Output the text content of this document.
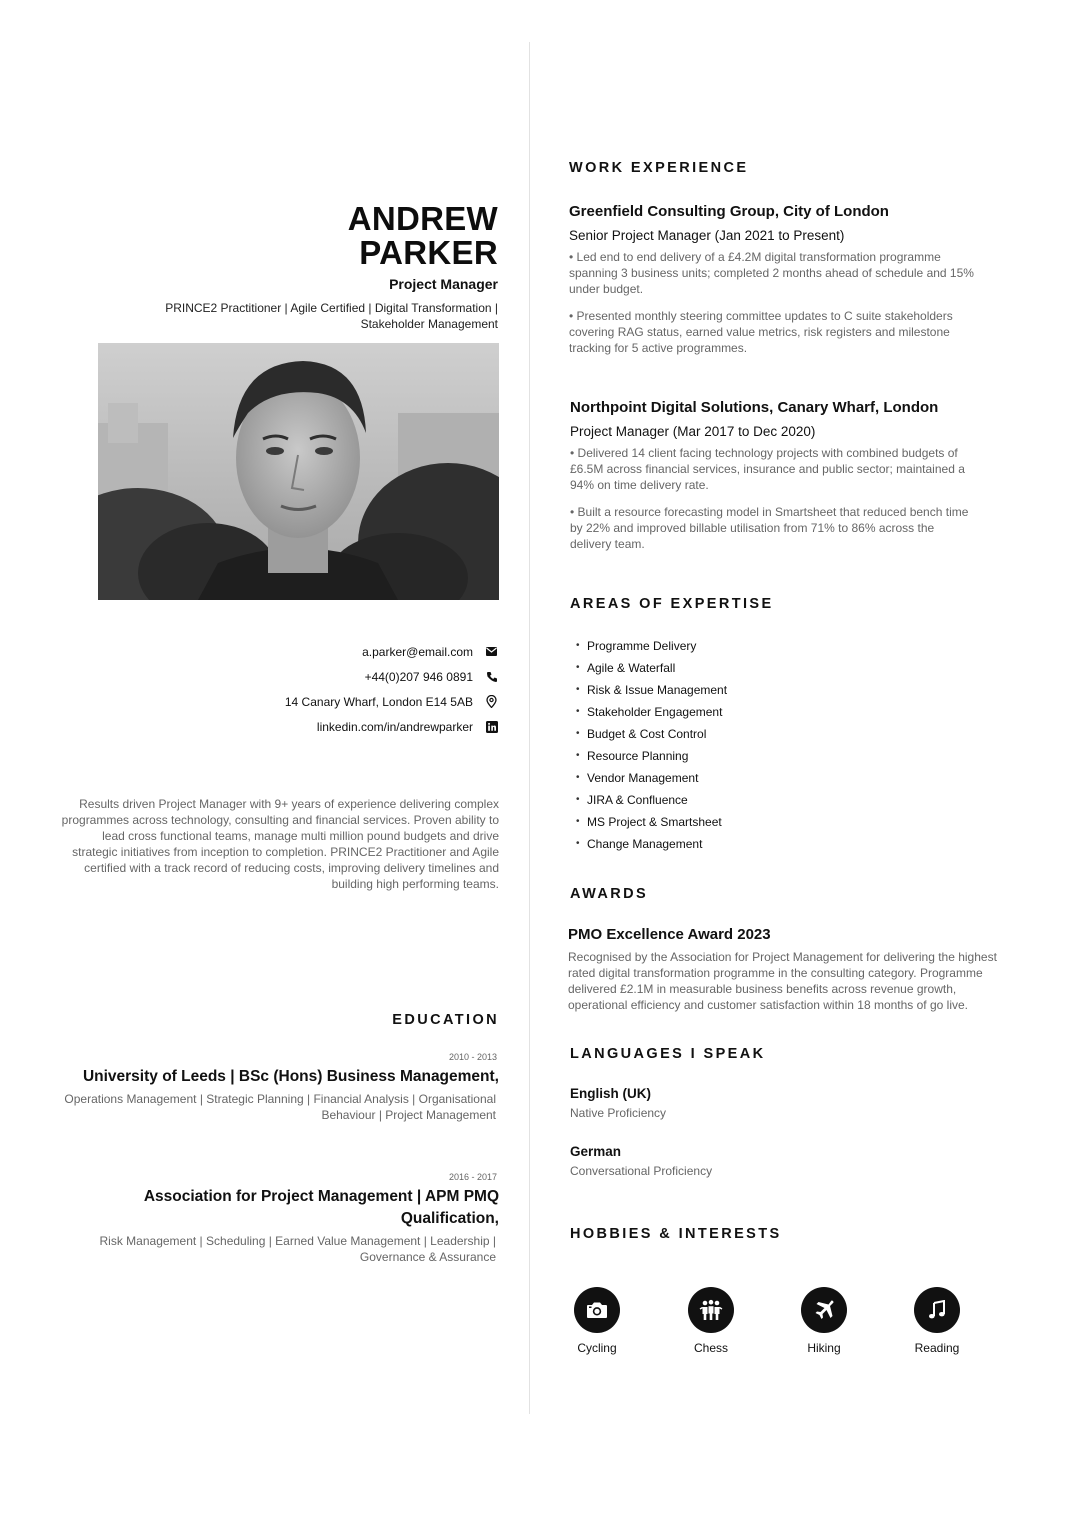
ANDREW
PARKER
Project Manager
PRINCE2 Practitioner | Agile Certified | Digital Transformation | Stakeholder Management
a.parker@email.com
+44(0)207 946 0891
14 Canary Wharf, London E14 5AB
linkedin.com/in/andrewparker
Results driven Project Manager with 9+ years of experience delivering complex programmes across technology, consulting and financial services. Proven ability to lead cross functional teams, manage multi million pound budgets and drive strategic initiatives from inception to completion. PRINCE2 Practitioner and Agile certified with a track record of reducing costs, improving delivery timelines and building high performing teams.
EDUCATION
2010 - 2013
University of Leeds | BSc (Hons) Business Management,
Operations Management | Strategic Planning | Financial Analysis | Organisational Behaviour | Project Management
2016 - 2017
Association for Project Management | APM PMQ Qualification,
Risk Management | Scheduling | Earned Value Management | Leadership | Governance & Assurance
WORK EXPERIENCE
Greenfield Consulting Group, City of London
Senior Project Manager (Jan 2021 to Present)
• Led end to end delivery of a £4.2M digital transformation programme spanning 3 business units; completed 2 months ahead of schedule and 15% under budget.
• Presented monthly steering committee updates to C suite stakeholders covering RAG status, earned value metrics, risk registers and milestone tracking for 5 active programmes.
Northpoint Digital Solutions, Canary Wharf, London
Project Manager (Mar 2017 to Dec 2020)
• Delivered 14 client facing technology projects with combined budgets of £6.5M across financial services, insurance and public sector; maintained a 94% on time delivery rate.
• Built a resource forecasting model in Smartsheet that reduced bench time by 22% and improved billable utilisation from 71% to 86% across the delivery team.
AREAS OF EXPERTISE
• Programme Delivery
• Agile & Waterfall
• Risk & Issue Management
• Stakeholder Engagement
• Budget & Cost Control
• Resource Planning
• Vendor Management
• JIRA & Confluence
• MS Project & Smartsheet
• Change Management
AWARDS
PMO Excellence Award 2023
Recognised by the Association for Project Management for delivering the highest rated digital transformation programme in the consulting category. Programme delivered £2.1M in measurable business benefits across revenue growth, operational efficiency and customer satisfaction within 18 months of go live.
LANGUAGES I SPEAK
English (UK)
Native Proficiency
German
Conversational Proficiency
HOBBIES & INTERESTS
Cycling	Chess	Hiking	Reading
